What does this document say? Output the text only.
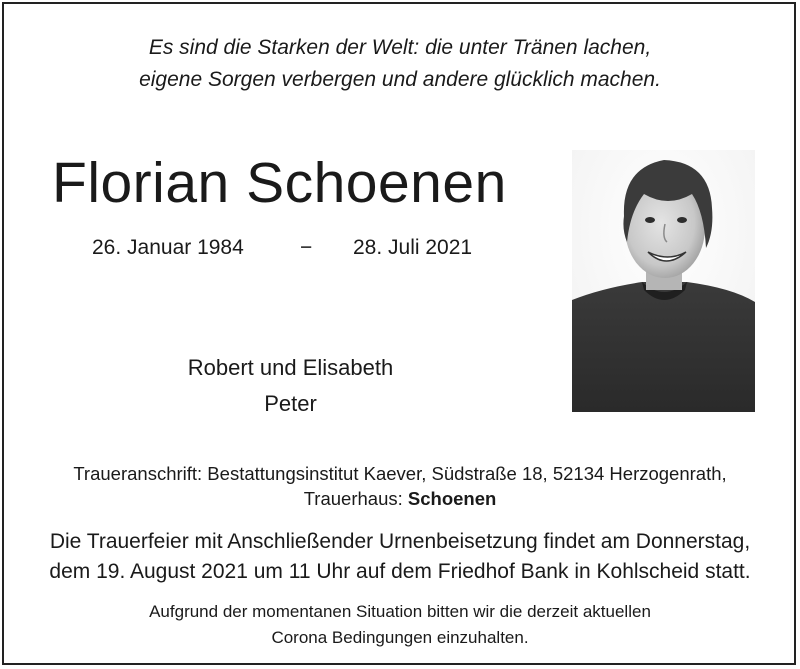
Es sind die Starken der Welt: die unter Tränen lachen,
eigene Sorgen verbergen und andere glücklich machen.
Florian Schoenen
26. Januar 1984	− 28. Juli 2021
Robert und Elisabeth
Peter
Traueranschrift: Bestattungsinstitut Kaever, Südstraße 18, 52134 Herzogenrath,
Trauerhaus: Schoenen
Die Trauerfeier mit Anschließender Urnenbeisetzung findet am Donnerstag,
dem 19. August 2021 um 11 Uhr auf dem Friedhof Bank in Kohlscheid statt.
Aufgrund der momentanen Situation bitten wir die derzeit aktuellen
Corona Bedingungen einzuhalten.
